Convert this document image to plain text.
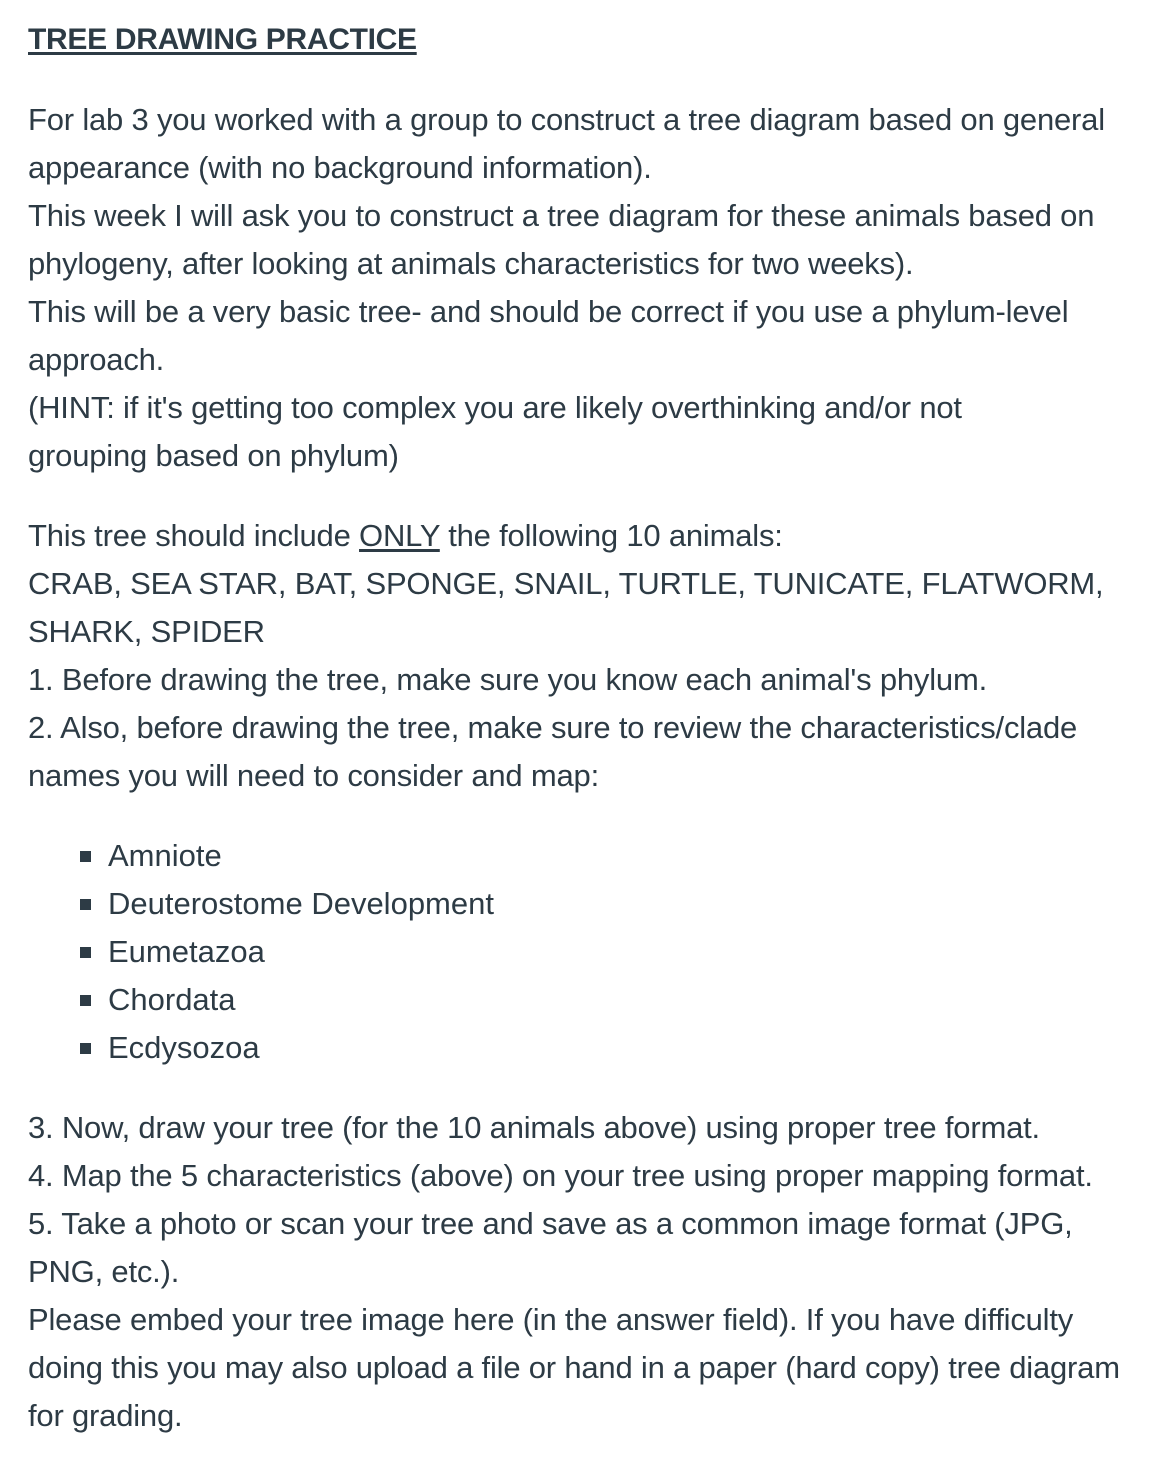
TREE DRAWING PRACTICE

For lab 3 you worked with a group to construct a tree diagram based on general
appearance (with no background information).
This week I will ask you to construct a tree diagram for these animals based on
phylogeny, after looking at animals characteristics for two weeks).
This will be a very basic tree- and should be correct if you use a phylum-level
approach.
(HINT: if it's getting too complex you are likely overthinking and/or not
grouping based on phylum)

This tree should include ONLY the following 10 animals:
CRAB, SEA STAR, BAT, SPONGE, SNAIL, TURTLE, TUNICATE, FLATWORM,
SHARK, SPIDER
1. Before drawing the tree, make sure you know each animal's phylum.
2. Also, before drawing the tree, make sure to review the characteristics/clade
names you will need to consider and map:

Amniote
Deuterostome Development
Eumetazoa
Chordata
Ecdysozoa

3. Now, draw your tree (for the 10 animals above) using proper tree format.
4. Map the 5 characteristics (above) on your tree using proper mapping format.
5. Take a photo or scan your tree and save as a common image format (JPG,
PNG, etc.).
Please embed your tree image here (in the answer field). If you have difficulty
doing this you may also upload a file or hand in a paper (hard copy) tree diagram
for grading.
